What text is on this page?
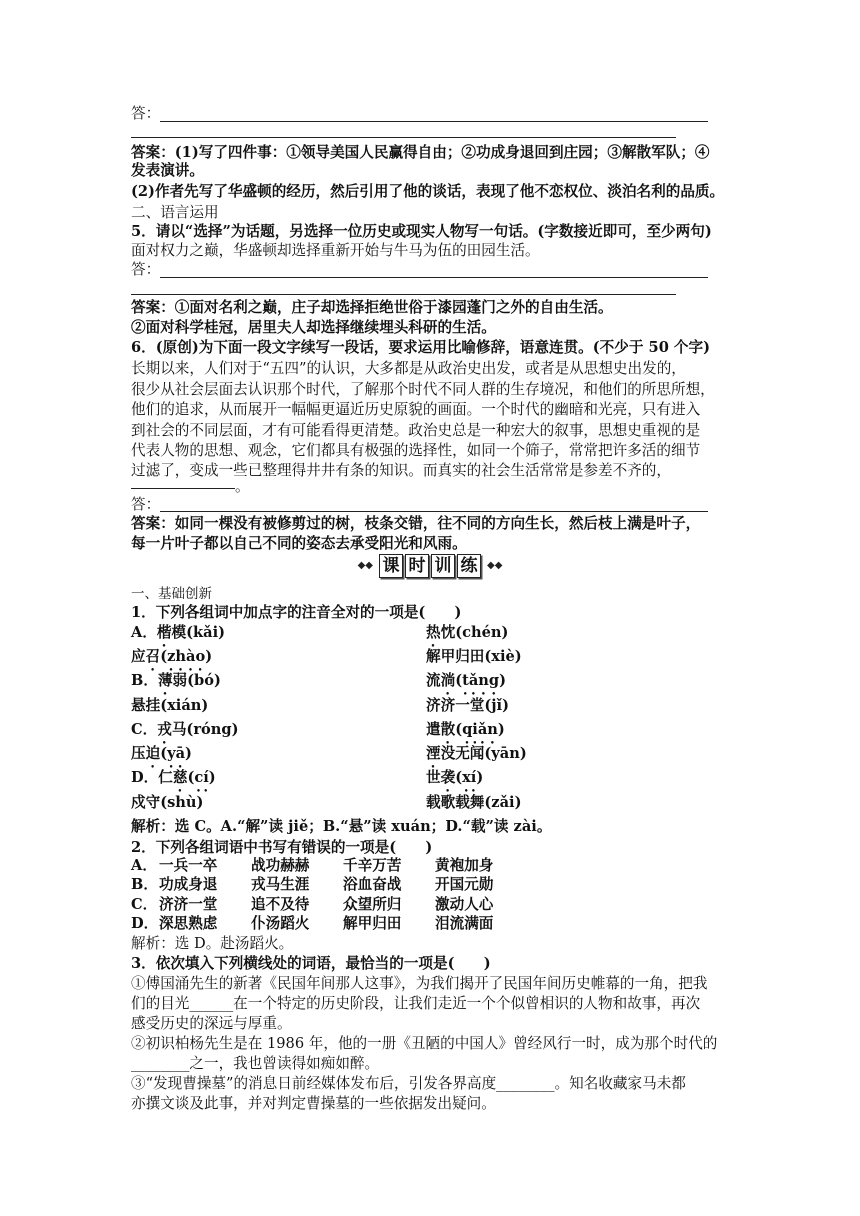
答：
答案：(1)写了四件事：①领导美国人民赢得自由；②功成身退回到庄园；③解散军队；④
发表演讲。
(2)作者先写了华盛顿的经历，然后引用了他的谈话，表现了他不恋权位、淡泊名利的品质。
二、语言运用
5．请以“选择”为话题，另选择一位历史或现实人物写一句话。(字数接近即可，至少两句)
面对权力之巅，华盛顿却选择重新开始与牛马为伍的田园生活。
答：
答案：①面对名利之巅，庄子却选择拒绝世俗于漆园蓬门之外的自由生活。
②面对科学桂冠，居里夫人却选择继续埋头科研的生活。
6．(原创)为下面一段文字续写一段话，要求运用比喻修辞，语意连贯。(不少于 50 个字)
长期以来，人们对于“五四”的认识，大多都是从政治史出发，或者是从思想史出发的，
很少从社会层面去认识那个时代，了解那个时代不同人群的生存境况，和他们的所思所想，
他们的追求，从而展开一幅幅更逼近历史原貌的画面。一个时代的幽暗和光亮，只有进入
到社会的不同层面，才有可能看得更清楚。政治史总是一种宏大的叙事，思想史重视的是
代表人物的思想、观念，它们都具有极强的选择性，如同一个筛子，常常把许多活的细节
过滤了，变成一些已整理得井井有条的知识。而真实的社会生活常常是参差不齐的，
。
答：
答案：如同一棵没有被修剪过的树，枝条交错，往不同的方向生长，然后枝上满是叶子，
每一片叶子都以自己不同的姿态去承受阳光和风雨。
◆◆ 课 时 训 练 ◆◆
一、基础创新
1．下列各组词中加点字的注音全对的一项是(　　)
A．楷模(kǎi)	热忱(chén)
应召(zhào)	解甲归田(xiè)
B．薄弱(bó)	流淌(tǎng)
悬挂(xián)	济济一堂(jǐ)
C．戎马(róng)	遣散(qiǎn)
压迫(yā)	湮没无闻(yān)
D．仁慈(cí)	世袭(xí)
戍守(shù)	载歌载舞(zǎi)
解析：选 C。A.“解”读 jiě；B.“悬”读 xuán；D.“载”读 zài。
2．下列各组词语中书写有错误的一项是(　　)
A． 一兵一卒 战功赫赫 千辛万苦 黄袍加身
B．功成身退 戎马生涯 浴血奋战 开国元勋
C． 济济一堂 追不及待 众望所归 激动人心
D．深思熟虑 仆汤蹈火 解甲归田 泪流满面
解析：选 D。赴汤蹈火。
3．依次填入下列横线处的词语，最恰当的一项是(　　)
①傅国涌先生的新著《民国年间那人这事》，为我们揭开了民国年间历史帷幕的一角，把我
们的目光______在一个特定的历史阶段，让我们走近一个个似曾相识的人物和故事，再次
感受历史的深远与厚重。
②初识柏杨先生是在 1986 年，他的一册《丑陋的中国人》曾经风行一时，成为那个时代的
________之一，我也曾读得如痴如醉。
③“发现曹操墓”的消息日前经媒体发布后，引发各界高度________。知名收藏家马未都
亦撰文谈及此事，并对判定曹操墓的一些依据发出疑问。
